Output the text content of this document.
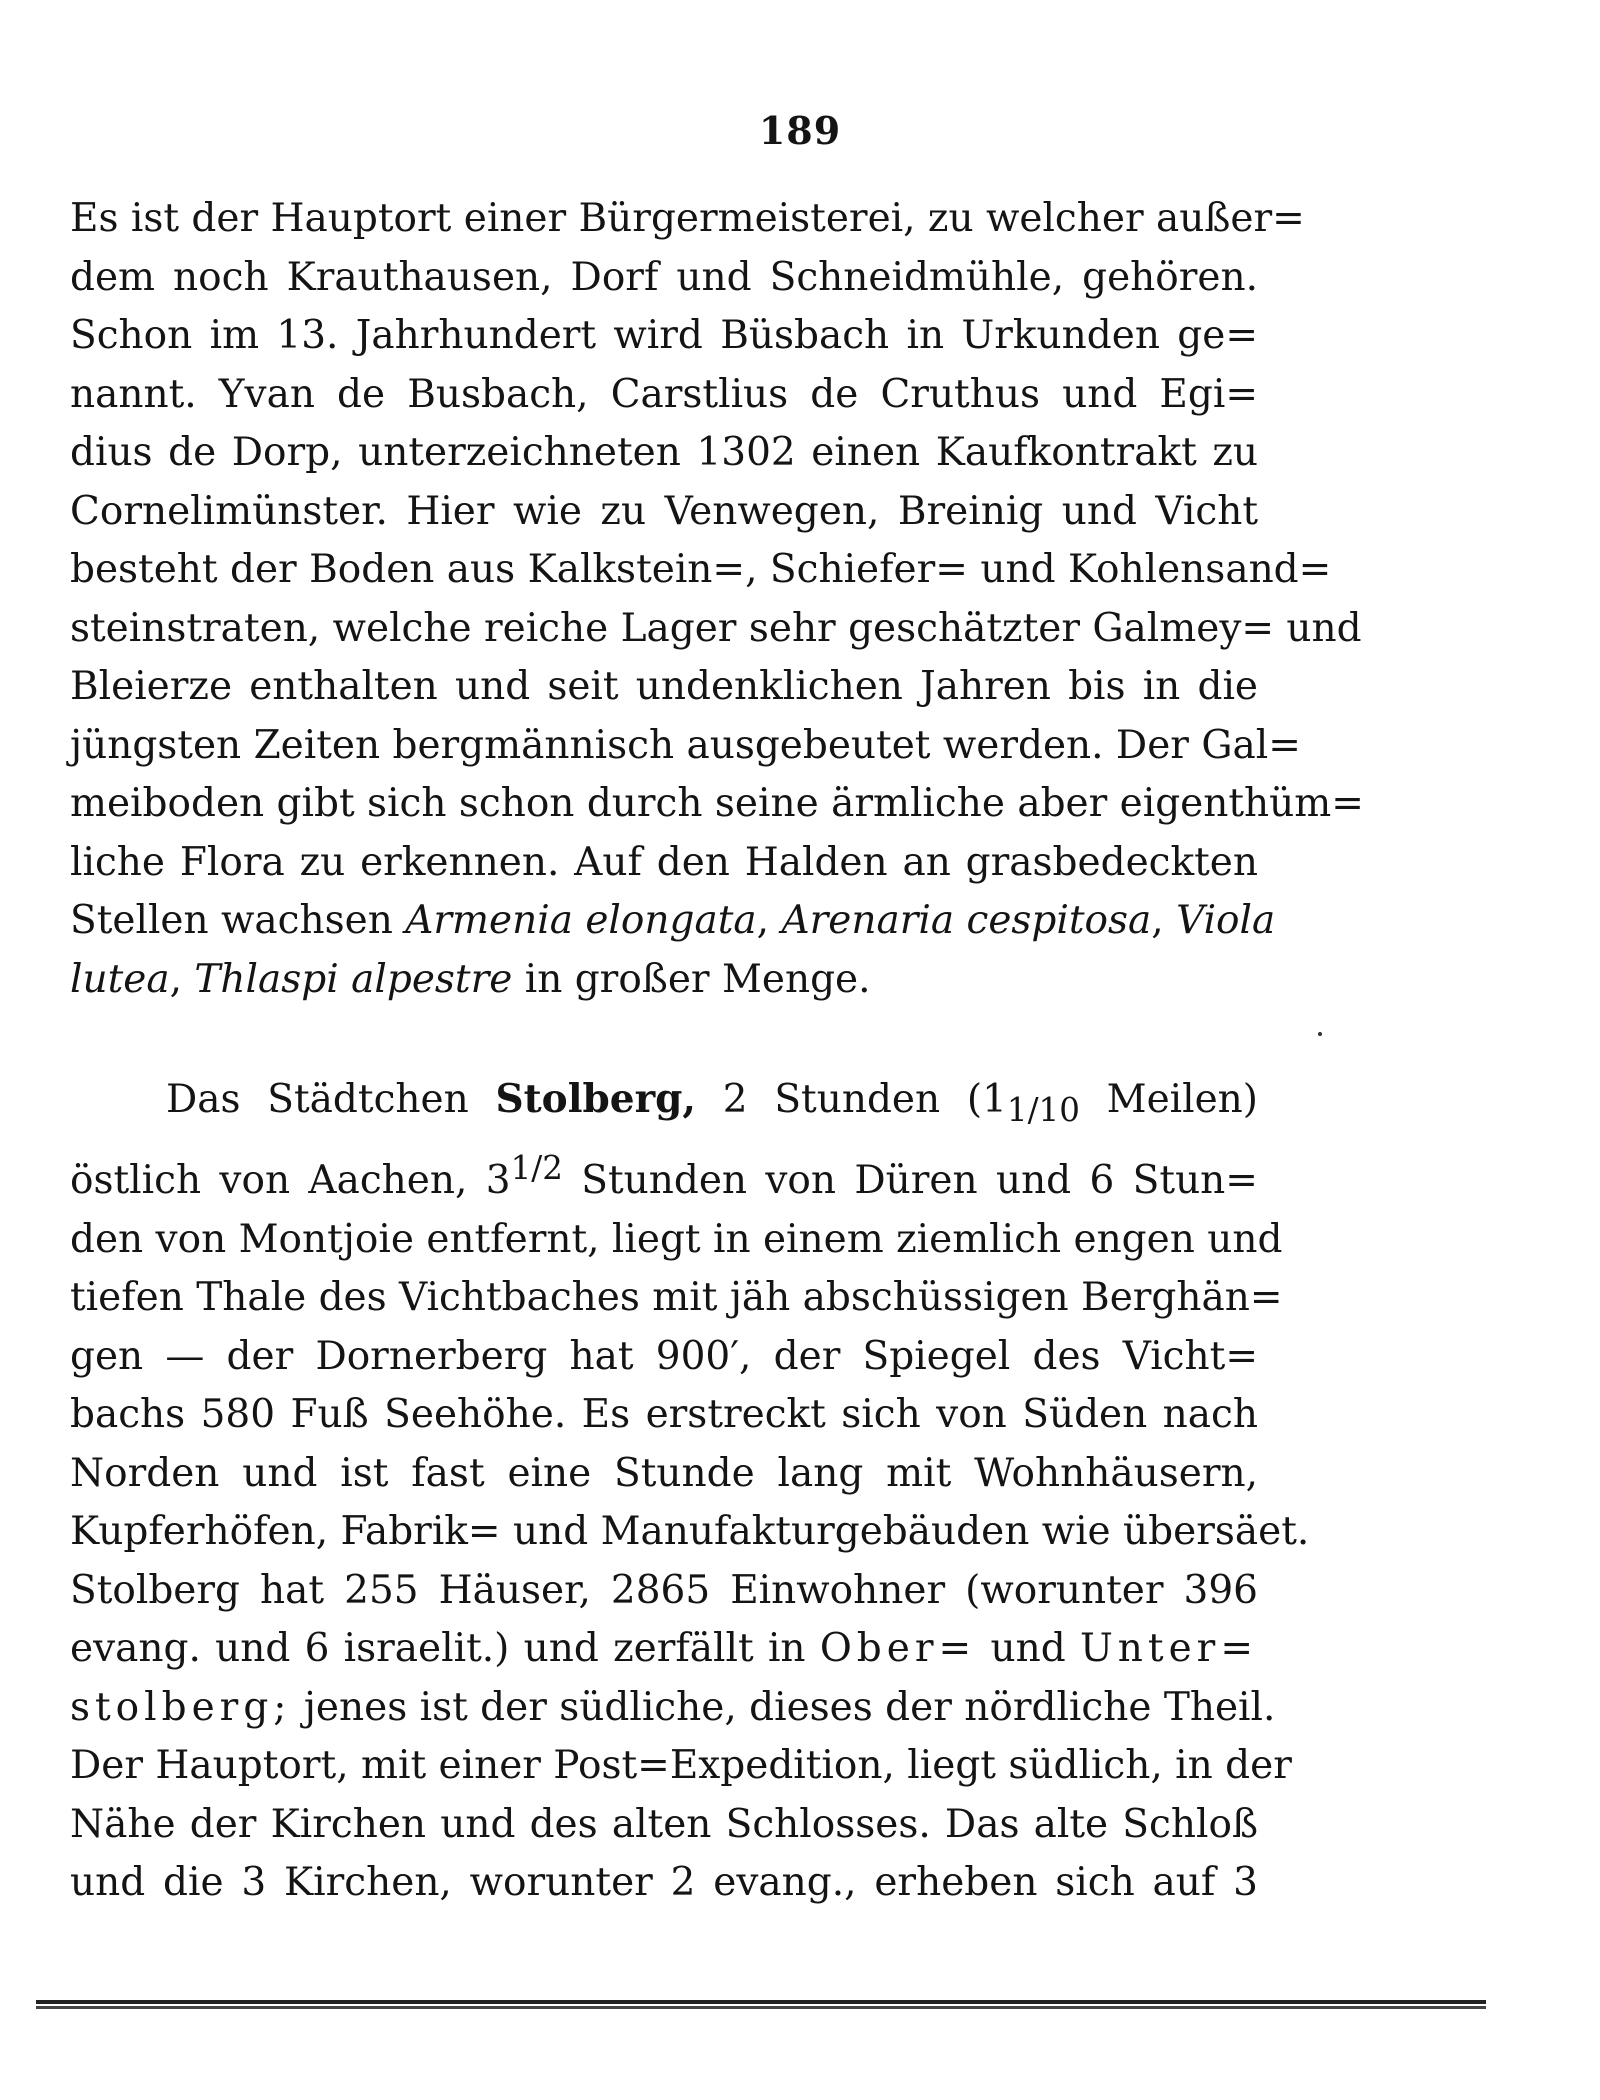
189
Es ist der Hauptort einer Bürgermeisterei, zu welcher außer=
dem noch Krauthausen, Dorf und Schneidmühle, gehören.
Schon im 13. Jahrhundert wird Büsbach in Urkunden ge=
nannt. Yvan de Busbach, Carstlius de Cruthus und Egi=
dius de Dorp, unterzeichneten 1302 einen Kaufkontrakt zu
Cornelimünster. Hier wie zu Venwegen, Breinig und Vicht
besteht der Boden aus Kalkstein=, Schiefer= und Kohlensand=
steinstraten, welche reiche Lager sehr geschätzter Galmey= und
Bleierze enthalten und seit undenklichen Jahren bis in die
jüngsten Zeiten bergmännisch ausgebeutet werden. Der Gal=
meiboden gibt sich schon durch seine ärmliche aber eigenthüm=
liche Flora zu erkennen. Auf den Halden an grasbedeckten
Stellen wachsen Armenia elongata, Arenaria cespitosa, Viola
lutea, Thlaspi alpestre in großer Menge.
Das Städtchen Stolberg, 2 Stunden ($1_{1/10}$ Meilen)
östlich von Aachen, $3^{1/2}$ Stunden von Düren und 6 Stun=
den von Montjoie entfernt, liegt in einem ziemlich engen und
tiefen Thale des Vichtbaches mit jäh abschüssigen Berghän=
gen — der Dornerberg hat 900′, der Spiegel des Vicht=
bachs 580 Fuß Seehöhe. Es erstreckt sich von Süden nach
Norden und ist fast eine Stunde lang mit Wohnhäusern,
Kupferhöfen, Fabrik= und Manufakturgebäuden wie übersäet.
Stolberg hat 255 Häuser, 2865 Einwohner (worunter 396
evang. und 6 israelit.) und zerfällt in Ober= und Unter=
stolberg; jenes ist der südliche, dieses der nördliche Theil.
Der Hauptort, mit einer Post=Expedition, liegt südlich, in der
Nähe der Kirchen und des alten Schlosses. Das alte Schloß
und die 3 Kirchen, worunter 2 evang., erheben sich auf 3
